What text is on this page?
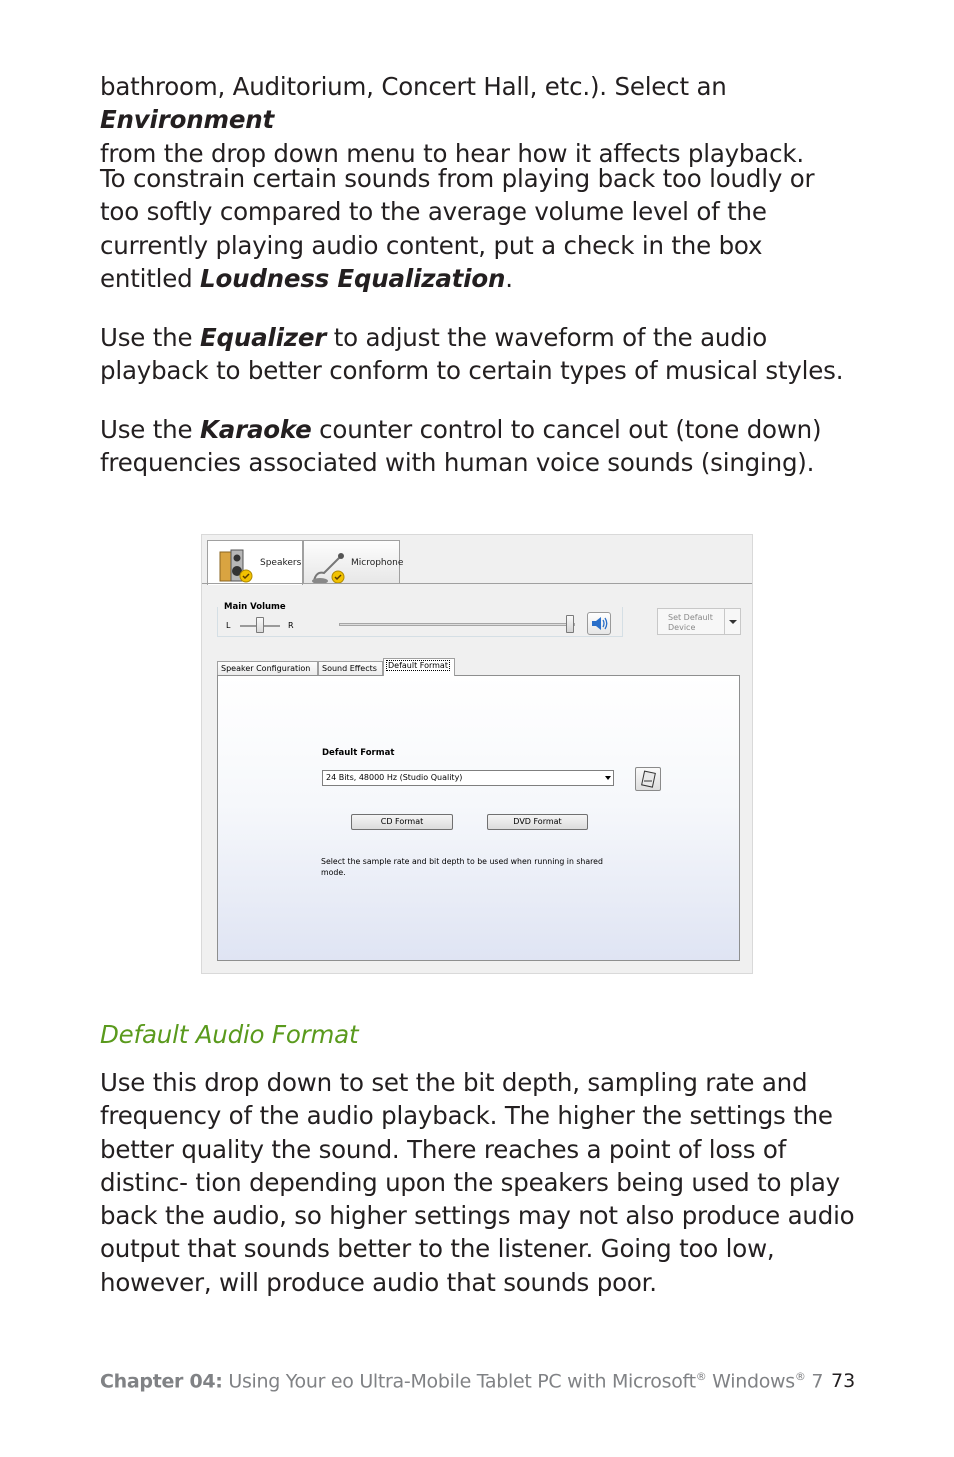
bathroom, Auditorium, Concert Hall, etc.). Select an Environment
from the drop down menu to hear how it affects playback.
To constrain certain sounds from playing back too loudly or too softly compared to the average volume level of the currently playing audio content, put a check in the box entitled Loudness Equalization.
Use the Equalizer to adjust the waveform of the audio playback to better conform to certain types of musical styles.
Use the Karaoke counter control to cancel out (tone down) frequencies associated with human voice sounds (singing).
Speakers	Microphone
Main Volume
L	R
Set Default Device
Speaker Configuration	Sound Effects
Default Format
24 Bits, 48000 Hz (Studio Quality)
CD Format	DVD Format
Select the sample rate and bit depth to be used when running in shared mode.
Default Format
Default Audio Format
Use this drop down to set the bit depth, sampling rate and frequency of the audio playback. The higher the settings the better quality the sound. There reaches a point of loss of distinc- tion depending upon the speakers being used to play back the audio, so higher settings may not also produce audio output that sounds better to the listener. Going too low, however, will produce audio that sounds poor.
Chapter 04: Using Your eo Ultra-Mobile Tablet PC with Microsoft® Windows® 7 73
